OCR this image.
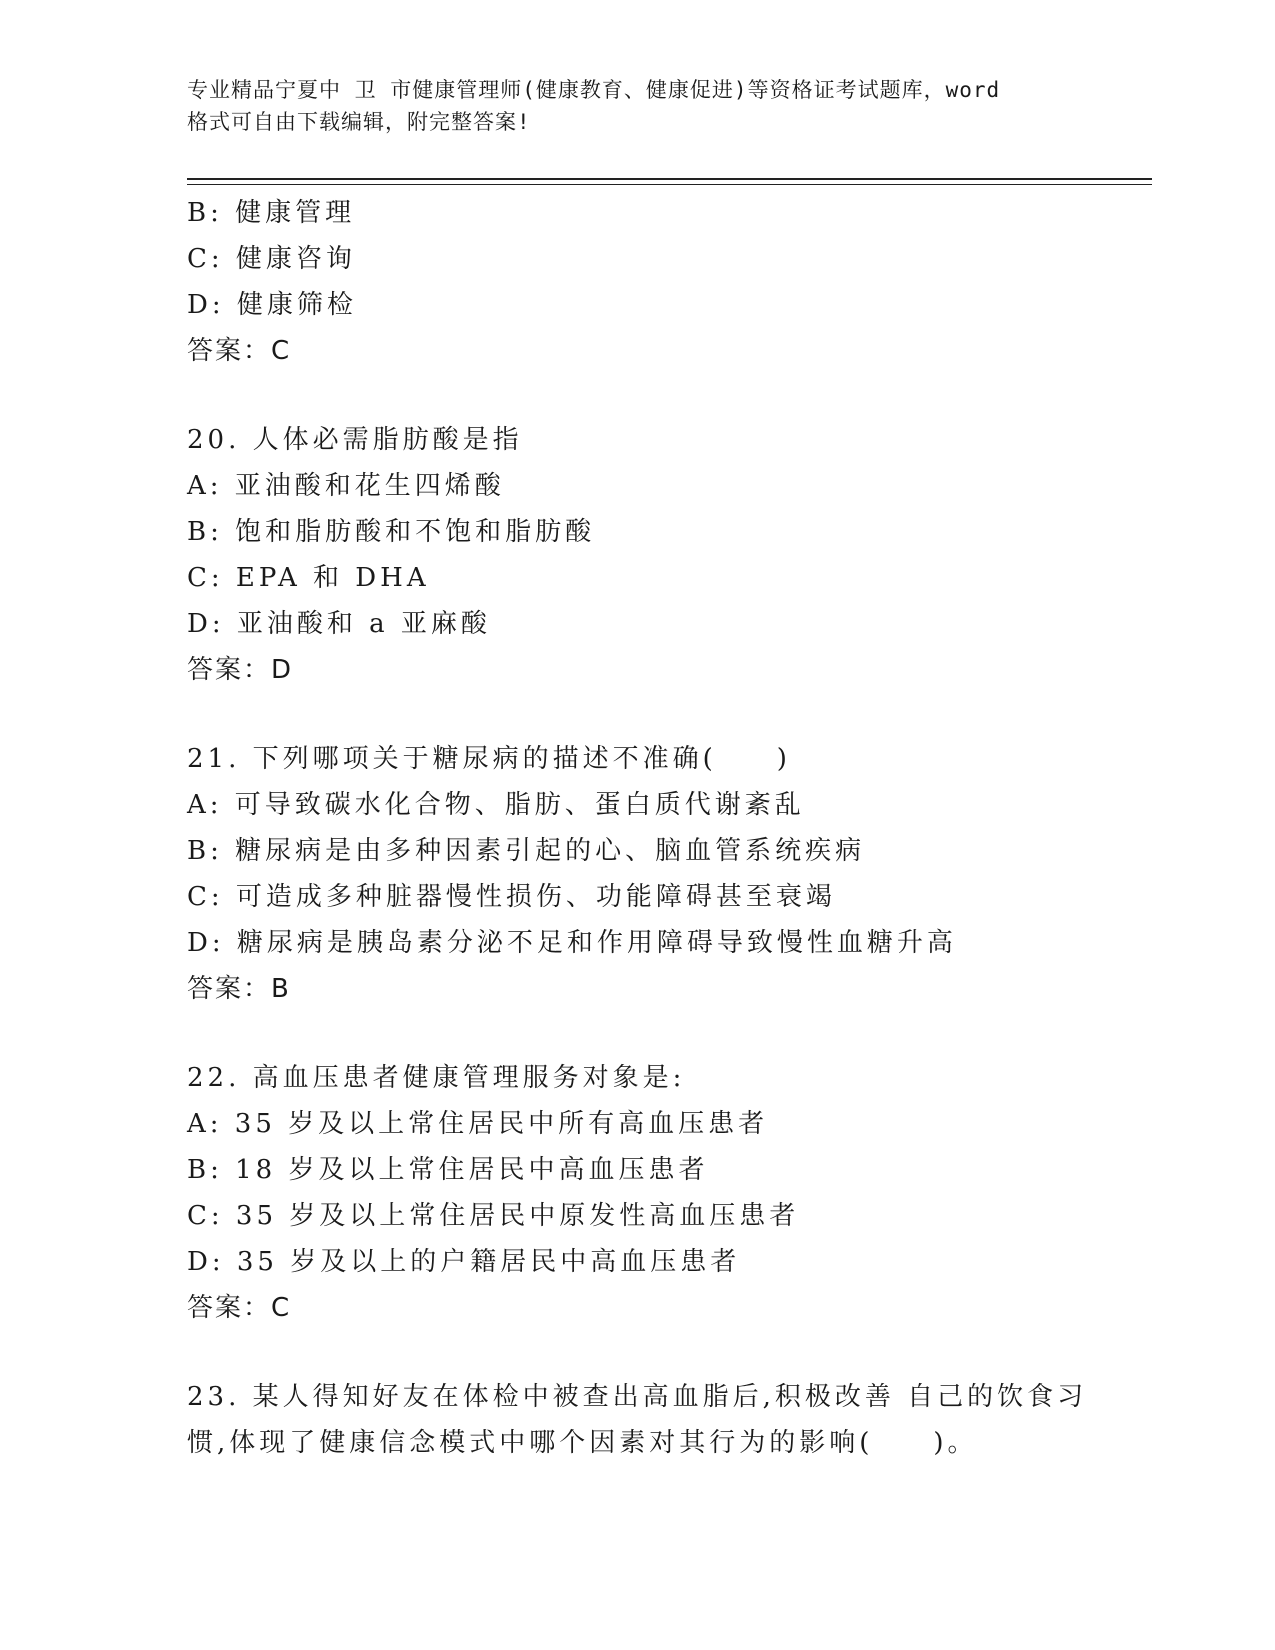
专业精品宁夏中 卫 市健康管理师(健康教育、健康促进)等资格证考试题库，word
格式可自由下载编辑，附完整答案!
B: 健康管理
C: 健康咨询
D: 健康筛检
答案：C
20. 人体必需脂肪酸是指
A: 亚油酸和花生四烯酸
B: 饱和脂肪酸和不饱和脂肪酸
C: EPA 和 DHA
D: 亚油酸和 a 亚麻酸
答案：D
21. 下列哪项关于糖尿病的描述不准确(　　)
A: 可导致碳水化合物、脂肪、蛋白质代谢紊乱
B: 糖尿病是由多种因素引起的心、脑血管系统疾病
C: 可造成多种脏器慢性损伤、功能障碍甚至衰竭
D: 糖尿病是胰岛素分泌不足和作用障碍导致慢性血糖升高
答案：B
22. 高血压患者健康管理服务对象是:
A: 35 岁及以上常住居民中所有高血压患者
B: 18 岁及以上常住居民中高血压患者
C: 35 岁及以上常住居民中原发性高血压患者
D: 35 岁及以上的户籍居民中高血压患者
答案：C
23. 某人得知好友在体检中被查出高血脂后,积极改善 自己的饮食习
惯,体现了健康信念模式中哪个因素对其行为的影响(　　)。
